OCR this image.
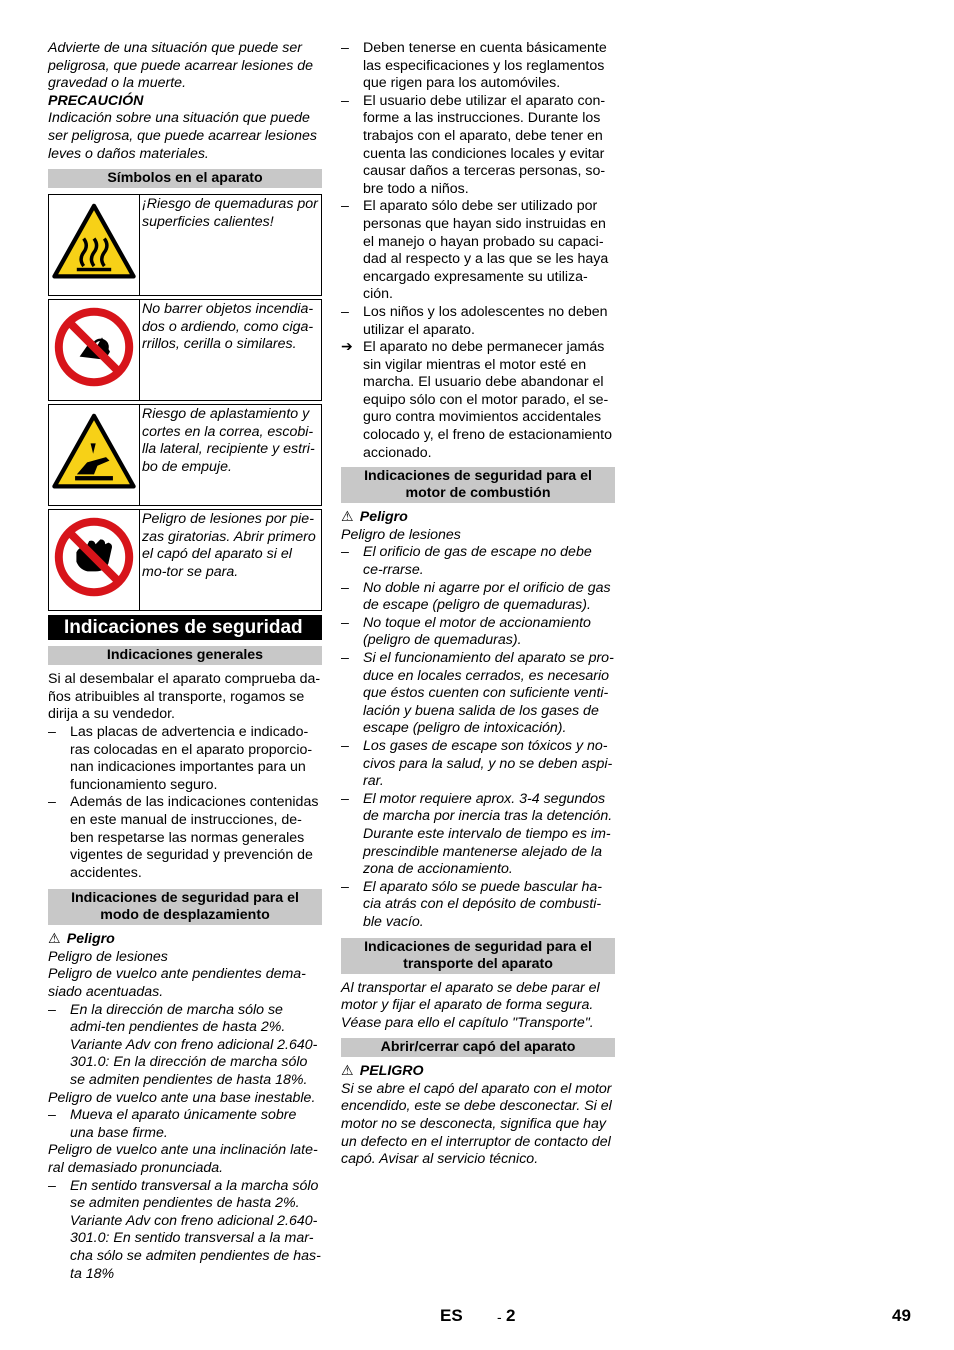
Advierte de una situación que puede ser peligrosa, que puede acarrear lesiones de gravedad o la muerte.

PRECAUCIÓN

Indicación sobre una situación que puede ser peligrosa, que puede acarrear lesiones leves o daños materiales.

Símbolos en el aparato
	¡Riesgo de quemaduras por superficies calientes!

	No barrer objetos incendia-dos o ardiendo, como ciga-rrillos, cerilla o similares.

	Riesgo de aplastamiento y cortes en la correa, escobi-lla lateral, recipiente y estri-bo de empuje.

	Peligro de lesiones por pie-zas giratorias. Abrir primero el capó del aparato si el mo-tor se para.
Indicaciones de seguridad
Indicaciones generales

Si al desembalar el aparato comprueba da-ños atribuibles al transporte, rogamos se dirija a su vendedor.

– Las placas de advertencia e indicado-ras colocadas en el aparato proporcio-nan indicaciones importantes para un funcionamiento seguro.
– Además de las indicaciones contenidas en este manual de instrucciones, de-ben respetarse las normas generales vigentes de seguridad y prevención de accidentes.
Indicaciones de seguridad para el modo de desplazamiento

⚠ Peligro

Peligro de lesiones

Peligro de vuelco ante pendientes dema-siado acentuadas.

– En la dirección de marcha sólo se admi-ten pendientes de hasta 2%.
Variante Adv con freno adicional 2.640-301.0: En la dirección de marcha sólo se admiten pendientes de hasta 18%.

Peligro de vuelco ante una base inestable.

– Mueva el aparato únicamente sobre una base firme.

Peligro de vuelco ante una inclinación late-ral demasiado pronunciada.

– En sentido transversal a la marcha sólo se admiten pendientes de hasta 2%.
Variante Adv con freno adicional 2.640-301.0: En sentido transversal a la mar-cha sólo se admiten pendientes de has-ta 18%
– Deben tenerse en cuenta básicamente las especificaciones y los reglamentos que rigen para los automóviles.
– El usuario debe utilizar el aparato con-forme a las instrucciones. Durante los trabajos con el aparato, debe tener en cuenta las condiciones locales y evitar causar daños a terceras personas, so-bre todo a niños.
– El aparato sólo debe ser utilizado por personas que hayan sido instruidas en el manejo o hayan probado su capaci-dad al respecto y a las que se les haya encargado expresamente su utiliza-ción.
– Los niños y los adolescentes no deben utilizar el aparato.
➔ El aparato no debe permanecer jamás sin vigilar mientras el motor esté en marcha. El usuario debe abandonar el equipo sólo con el motor parado, el se-guro contra movimientos accidentales colocado y, el freno de estacionamiento accionado.
Indicaciones de seguridad para el motor de combustión

⚠ Peligro

Peligro de lesiones

– El orificio de gas de escape no debe ce-rrarse.
– No doble ni agarre por el orificio de gas de escape (peligro de quemaduras).
– No toque el motor de accionamiento (peligro de quemaduras).
– Si el funcionamiento del aparato se pro-duce en locales cerrados, es necesario que éstos cuenten con suficiente venti-lación y buena salida de los gases de escape (peligro de intoxicación).
– Los gases de escape son tóxicos y no-civos para la salud, y no se deben aspi-rar.
– El motor requiere aprox. 3-4 segundos de marcha por inercia tras la detención. Durante este intervalo de tiempo es im-prescindible mantenerse alejado de la zona de accionamiento.
– El aparato sólo se puede bascular ha-cia atrás con el depósito de combusti-ble vacío.
Indicaciones de seguridad para el transporte del aparato

Al transportar el aparato se debe parar el motor y fijar el aparato de forma segura. Véase para ello el capítulo "Transporte".

Abrir/cerrar capó del aparato

⚠ PELIGRO

Si se abre el capó del aparato con el motor encendido, este se debe desconectar. Si el motor no se desconecta, significa que hay un defecto en el interruptor de contacto del capó. Avisar al servicio técnico.

ES - 2	49
